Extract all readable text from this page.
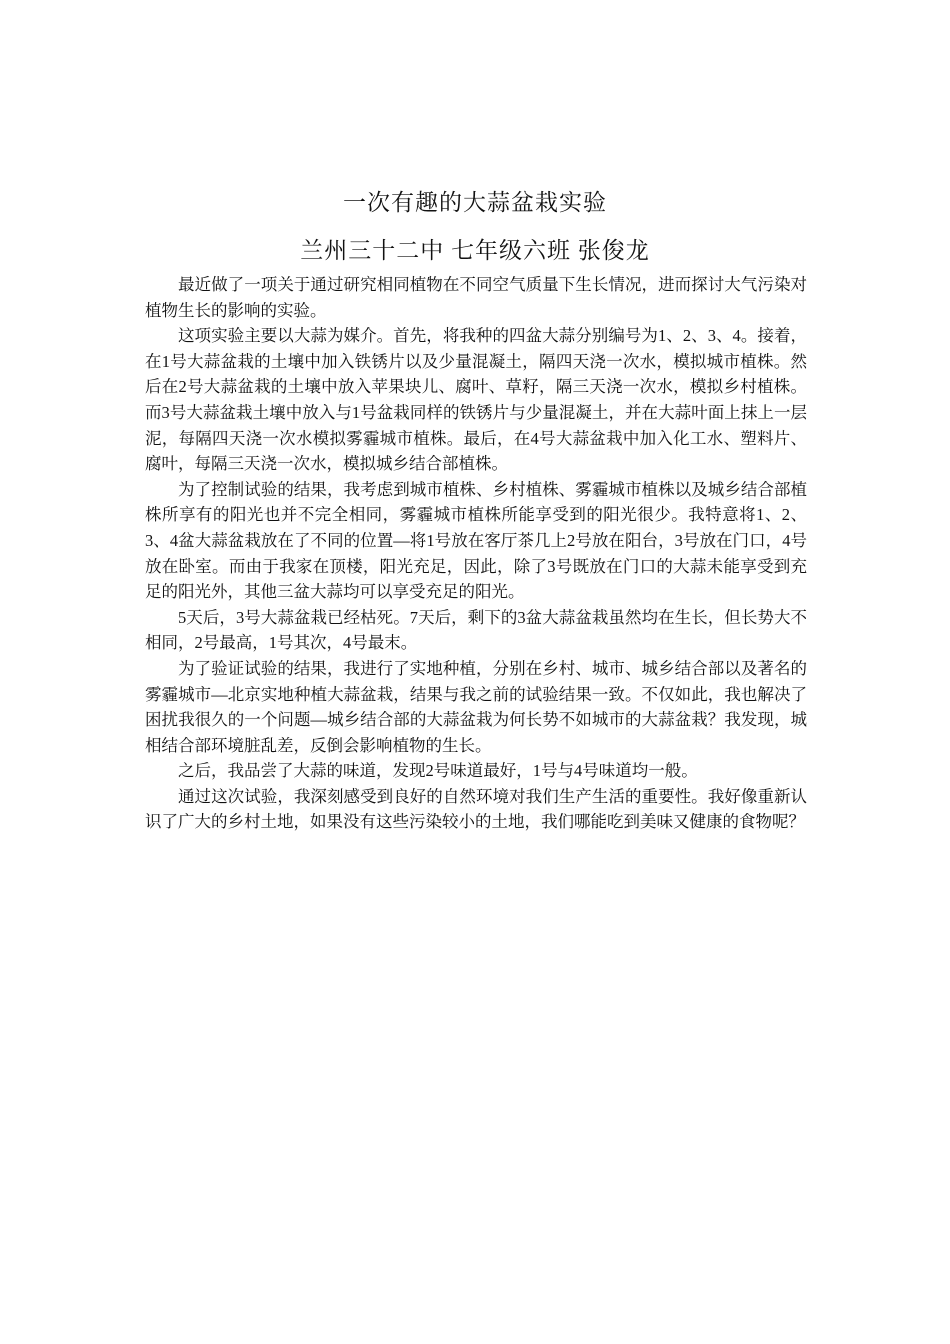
一次有趣的大蒜盆栽实验
兰州三十二中 七年级六班 张俊龙

最近做了一项关于通过研究相同植物在不同空气质量下生长情况，进而探讨大气污染对植物生长的影响的实验。

这项实验主要以大蒜为媒介。首先，将我种的四盆大蒜分别编号为1、2、3、4。接着，在1号大蒜盆栽的土壤中加入铁锈片以及少量混凝土，隔四天浇一次水，模拟城市植株。然后在2号大蒜盆栽的土壤中放入苹果块儿、腐叶、草籽，隔三天浇一次水，模拟乡村植株。而3号大蒜盆栽土壤中放入与1号盆栽同样的铁锈片与少量混凝土，并在大蒜叶面上抹上一层泥，每隔四天浇一次水模拟雾霾城市植株。最后，在4号大蒜盆栽中加入化工水、塑料片、腐叶，每隔三天浇一次水，模拟城乡结合部植株。

为了控制试验的结果，我考虑到城市植株、乡村植株、雾霾城市植株以及城乡结合部植株所享有的阳光也并不完全相同，雾霾城市植株所能享受到的阳光很少。我特意将1、2、3、4盆大蒜盆栽放在了不同的位置—将1号放在客厅茶几上2号放在阳台，3号放在门口，4号放在卧室。而由于我家在顶楼，阳光充足，因此，除了3号既放在门口的大蒜未能享受到充足的阳光外，其他三盆大蒜均可以享受充足的阳光。

5天后，3号大蒜盆栽已经枯死。7天后，剩下的3盆大蒜盆栽虽然均在生长，但长势大不相同，2号最高，1号其次，4号最末。

为了验证试验的结果，我进行了实地种植，分别在乡村、城市、城乡结合部以及著名的雾霾城市—北京实地种植大蒜盆栽，结果与我之前的试验结果一致。不仅如此，我也解决了困扰我很久的一个问题—城乡结合部的大蒜盆栽为何长势不如城市的大蒜盆栽？我发现，城相结合部环境脏乱差，反倒会影响植物的生长。

之后，我品尝了大蒜的味道，发现2号味道最好，1号与4号味道均一般。

通过这次试验，我深刻感受到良好的自然环境对我们生产生活的重要性。我好像重新认识了广大的乡村土地，如果没有这些污染较小的土地，我们哪能吃到美味又健康的食物呢？
